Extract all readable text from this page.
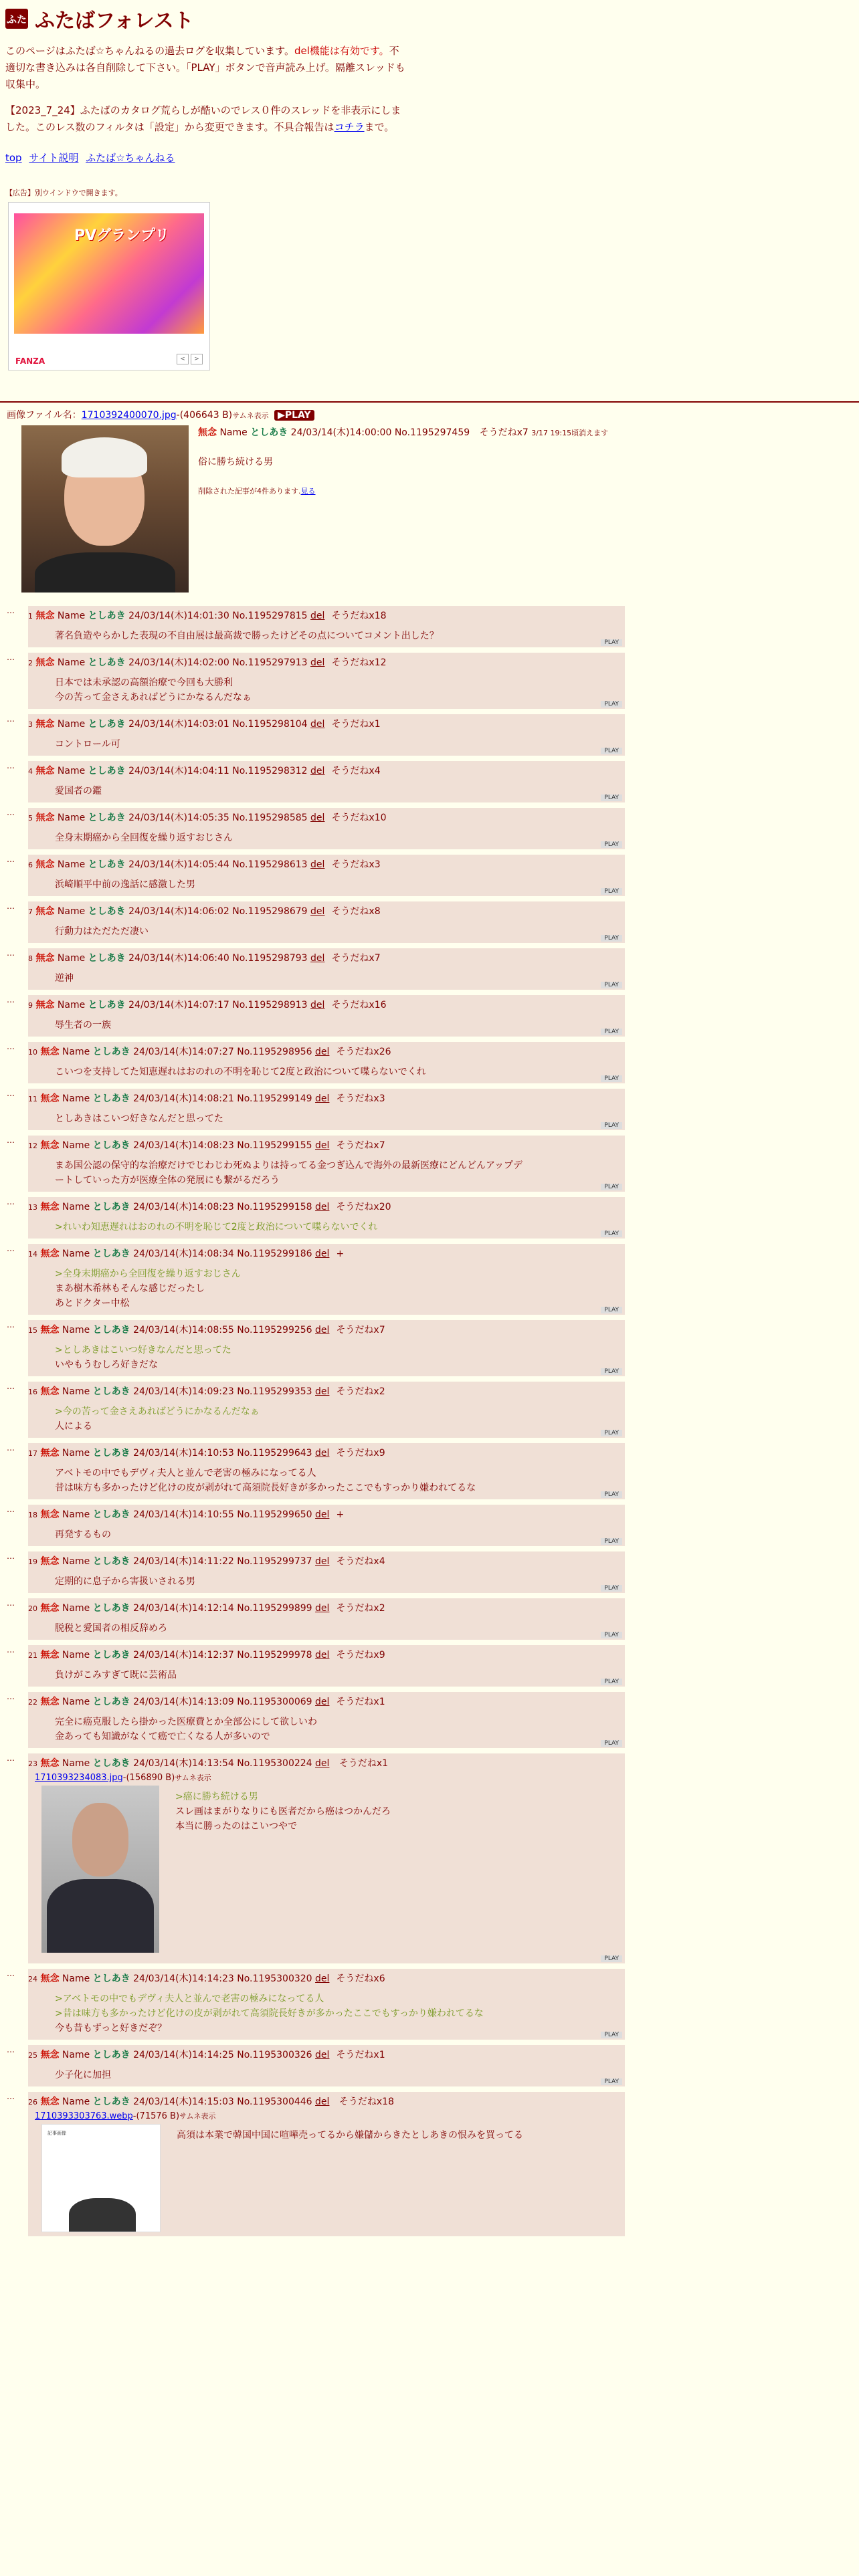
ふた ふたばフォレスト

このページはふたば☆ちゃんねるの過去ログを収集しています。del機能は有効です。不適切な書き込みは各自削除して下さい。「PLAY」ボタンで音声読み上げ。隔離スレッドも収集中。

【2023_7_24】ふたばのカタログ荒らしが酷いのでレス０件のスレッドを非表示にしました。このレス数のフィルタは「設定」から変更できます。不具合報告はコチラまで。

top サイト説明 ふたば☆ちゃんねる
【広告】別ウインドウで開きます。
PVグランプリ
FANZA	<	>
画像ファイル名：1710392400070.jpg-(406643 B)サムネ表示 ▶PLAY
無念 Name としあき 24/03/14(木)14:00:00 No.1195297459 そうだねx7 3/17 19:15頃消えます
俗に勝ち続ける男
削除された記事が4件あります.見る
…
1 無念 Name としあき 24/03/14(木)14:01:30 No.1195297815 del そうだねx18
著名負造やらかした表現の不自由展は最高裁で勝ったけどその点についてコメント出した？
PLAY
…
2 無念 Name としあき 24/03/14(木)14:02:00 No.1195297913 del そうだねx12
日本では未承認の高額治療で今回も大勝利
今の苦って金さえあればどうにかなるんだなぁ
PLAY
…
3 無念 Name としあき 24/03/14(木)14:03:01 No.1195298104 del そうだねx1
コントロール可
PLAY
…
4 無念 Name としあき 24/03/14(木)14:04:11 No.1195298312 del そうだねx4
愛国者の鑑
PLAY
…
5 無念 Name としあき 24/03/14(木)14:05:35 No.1195298585 del そうだねx10
全身末期癌から全回復を繰り返すおじさん
PLAY
…
6 無念 Name としあき 24/03/14(木)14:05:44 No.1195298613 del そうだねx3
浜崎順平中前の逸話に感激した男
PLAY
…
7 無念 Name としあき 24/03/14(木)14:06:02 No.1195298679 del そうだねx8
行動力はただただ凄い
PLAY
…
8 無念 Name としあき 24/03/14(木)14:06:40 No.1195298793 del そうだねx7
逆神
PLAY
…
9 無念 Name としあき 24/03/14(木)14:07:17 No.1195298913 del そうだねx16
辱生者の一族
PLAY
…
10 無念 Name としあき 24/03/14(木)14:07:27 No.1195298956 del そうだねx26
こいつを支持してた知恵遅れはおのれの不明を恥じて2度と政治について喋らないでくれ
PLAY
…
11 無念 Name としあき 24/03/14(木)14:08:21 No.1195299149 del そうだねx3
としあきはこいつ好きなんだと思ってた
PLAY
…
12 無念 Name としあき 24/03/14(木)14:08:23 No.1195299155 del そうだねx7
まあ国公認の保守的な治療だけでじわじわ死ぬよりは持ってる金つぎ込んで海外の最新医療にどんどんアップデ
ートしていった方が医療全体の発展にも繋がるだろう
PLAY
…
13 無念 Name としあき 24/03/14(木)14:08:23 No.1195299158 del そうだねx20
>れいわ知恵遅れはおのれの不明を恥じて2度と政治について喋らないでくれ
PLAY
…
14 無念 Name としあき 24/03/14(木)14:08:34 No.1195299186 del +
>全身末期癌から全回復を繰り返すおじさん
まあ樹木希林もそんな感じだったし
あとドクター中松
PLAY
…
15 無念 Name としあき 24/03/14(木)14:08:55 No.1195299256 del そうだねx7
>としあきはこいつ好きなんだと思ってた
いやもうむしろ好きだな
PLAY
…
16 無念 Name としあき 24/03/14(木)14:09:23 No.1195299353 del そうだねx2
>今の苦って金さえあればどうにかなるんだなぁ
人による
PLAY
…
17 無念 Name としあき 24/03/14(木)14:10:53 No.1195299643 del そうだねx9
アベトモの中でもデヴィ夫人と並んで老害の極みになってる人
昔は味方も多かったけど化けの皮が剥がれて高須院長好きが多かったここでもすっかり嫌われてるな
PLAY
…
18 無念 Name としあき 24/03/14(木)14:10:55 No.1195299650 del +
再発するもの
PLAY
…
19 無念 Name としあき 24/03/14(木)14:11:22 No.1195299737 del そうだねx4
定期的に息子から害扱いされる男
PLAY
…
20 無念 Name としあき 24/03/14(木)14:12:14 No.1195299899 del そうだねx2
脱税と愛国者の相反辞めろ
PLAY
…
21 無念 Name としあき 24/03/14(木)14:12:37 No.1195299978 del そうだねx9
負けがこみすぎて既に芸術品
PLAY
…
22 無念 Name としあき 24/03/14(木)14:13:09 No.1195300069 del そうだねx1
完全に癌克服したら掛かった医療費とか全部公にして欲しいわ
金あっても知識がなくて癌で亡くなる人が多いので
PLAY
…
23 無念 Name としあき 24/03/14(木)14:13:54 No.1195300224 del そうだねx1
1710393234083.jpg-(156890 B)サムネ表示
>癌に勝ち続ける男
スレ画はまがりなりにも医者だから癌はつかんだろ
本当に勝ったのはこいつやで
PLAY
…
24 無念 Name としあき 24/03/14(木)14:14:23 No.1195300320 del そうだねx6
>アベトモの中でもデヴィ夫人と並んで老害の極みになってる人
>昔は味方も多かったけど化けの皮が剥がれて高須院長好きが多かったここでもすっかり嫌われてるな
今も昔もずっと好きだぞ？
PLAY
…
25 無念 Name としあき 24/03/14(木)14:14:25 No.1195300326 del そうだねx1
少子化に加担
PLAY
…
26 無念 Name としあき 24/03/14(木)14:15:03 No.1195300446 del そうだねx18
1710393303763.webp-(71576 B)サムネ表示
記事画像	高須は本業で韓国中国に喧嘩売ってるから嫌儲からきたとしあきの恨みを買ってる
